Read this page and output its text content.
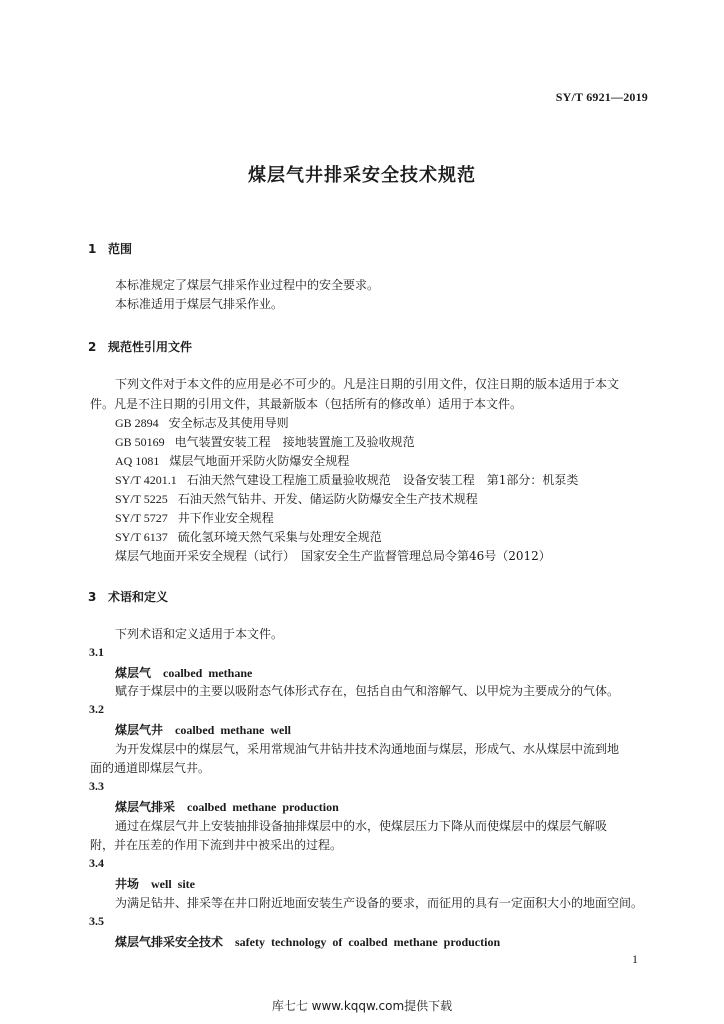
SY/T 6921—2019
煤层气井排采安全技术规范
1 范围
本标准规定了煤层气排采作业过程中的安全要求。
本标准适用于煤层气排采作业。
2 规范性引用文件
下列文件对于本文件的应用是必不可少的。凡是注日期的引用文件，仅注日期的版本适用于本文
件。凡是不注日期的引用文件，其最新版本（包括所有的修改单）适用于本文件。
GB 2894 安全标志及其使用导则
GB 50169 电气装置安装工程　接地装置施工及验收规范
AQ 1081 煤层气地面开采防火防爆安全规程
SY/T 4201.1 石油天然气建设工程施工质量验收规范　设备安装工程　第1部分：机泵类
SY/T 5225 石油天然气钻井、开发、储运防火防爆安全生产技术规程
SY/T 5727 井下作业安全规程
SY/T 6137 硫化氢环境天然气采集与处理安全规范
煤层气地面开采安全规程（试行）　国家安全生产监督管理总局令第46号（2012）
3 术语和定义
下列术语和定义适用于本文件。
3.1
煤层气 coalbed methane
赋存于煤层中的主要以吸附态气体形式存在，包括自由气和溶解气、以甲烷为主要成分的气体。
3.2
煤层气井 coalbed methane well
为开发煤层中的煤层气，采用常规油气井钻井技术沟通地面与煤层，形成气、水从煤层中流到地
面的通道即煤层气井。
3.3
煤层气排采 coalbed methane production
通过在煤层气井上安装抽排设备抽排煤层中的水，使煤层压力下降从而使煤层中的煤层气解吸
附，并在压差的作用下流到井中被采出的过程。
3.4
井场 well site
为满足钻井、排采等在井口附近地面安装生产设备的要求，而征用的具有一定面积大小的地面空间。
3.5
煤层气排采安全技术 safety technology of coalbed methane production
1
库七七 www.kqqw.com提供下载
